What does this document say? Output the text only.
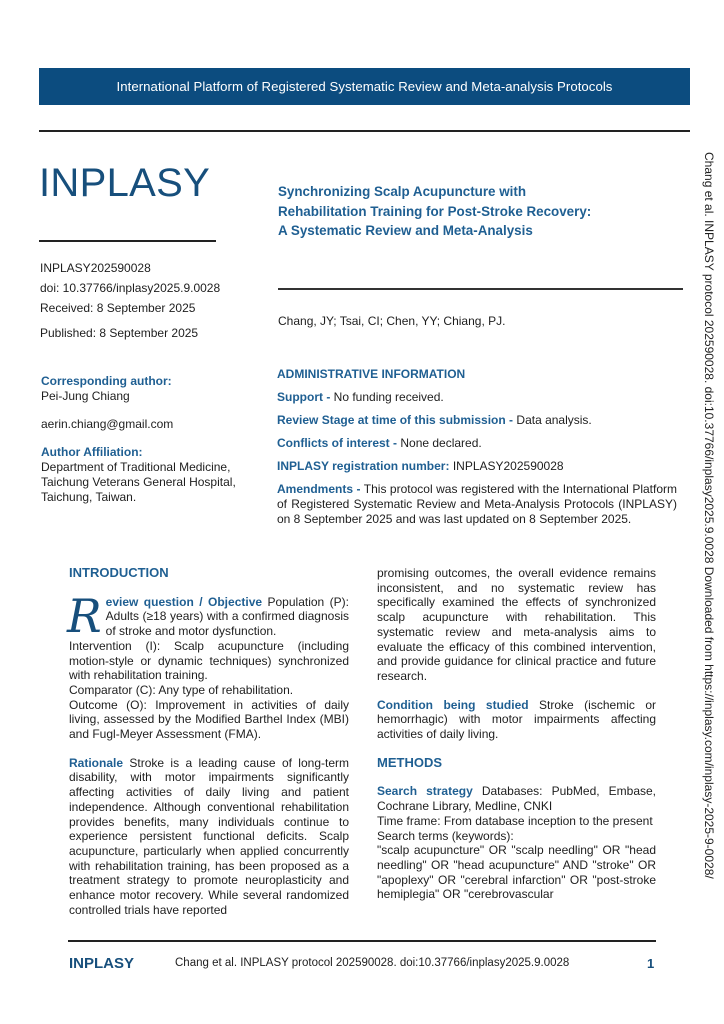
International Platform of Registered Systematic Review and Meta-analysis Protocols
INPLASY
INPLASY202590028
doi: 10.37766/inplasy2025.9.0028
Received: 8 September 2025
Published: 8 September 2025
Synchronizing Scalp Acupuncture with
Rehabilitation Training for Post-Stroke Recovery:
A Systematic Review and Meta-Analysis
Chang, JY; Tsai, CI; Chen, YY; Chiang, PJ.
Corresponding author:
Pei-Jung Chiang
aerin.chiang@gmail.com
Author Affiliation:
Department of Traditional Medicine,
Taichung Veterans General Hospital,
Taichung, Taiwan.
ADMINISTRATIVE INFORMATION

Support - No funding received.

Review Stage at time of this submission - Data analysis.

Conflicts of interest - None declared.

INPLASY registration number: INPLASY202590028

Amendments - This protocol was registered with the International Platform of Registered Systematic Review and Meta-Analysis Protocols (INPLASY) on 8 September 2025 and was last updated on 8 September 2025.

INTRODUCTION

Review question / Objective Population (P): Adults (≥18 years) with a confirmed diagnosis of stroke and motor dysfunction.

Intervention (I): Scalp acupuncture (including motion-style or dynamic techniques) synchronized with rehabilitation training.

Comparator (C): Any type of rehabilitation.

Outcome (O): Improvement in activities of daily living, assessed by the Modified Barthel Index (MBI) and Fugl-Meyer Assessment (FMA).

Rationale Stroke is a leading cause of long-term disability, with motor impairments significantly affecting activities of daily living and patient independence. Although conventional rehabilitation provides benefits, many individuals continue to experience persistent functional deficits. Scalp acupuncture, particularly when applied concurrently with rehabilitation training, has been proposed as a treatment strategy to promote neuroplasticity and enhance motor recovery. While several randomized controlled trials have reported

promising outcomes, the overall evidence remains inconsistent, and no systematic review has specifically examined the effects of synchronized scalp acupuncture with rehabilitation. This systematic review and meta-analysis aims to evaluate the efficacy of this combined intervention, and provide guidance for clinical practice and future research.

Condition being studied Stroke (ischemic or hemorrhagic) with motor impairments affecting activities of daily living.

METHODS

Search strategy Databases: PubMed, Embase, Cochrane Library, Medline, CNKI

Time frame: From database inception to the present

Search terms (keywords):

"scalp acupuncture" OR "scalp needling" OR "head needling" OR "head acupuncture" AND "stroke" OR "apoplexy" OR "cerebral infarction" OR "post-stroke hemiplegia" OR "cerebrovascular

Chang et al. INPLASY protocol 202590028. doi:10.37766/inplasy2025.9.0028 Downloaded from https://inplasy.com/inplasy-2025-9-0028/
INPLASY	Chang et al. INPLASY protocol 202590028. doi:10.37766/inplasy2025.9.0028	1
